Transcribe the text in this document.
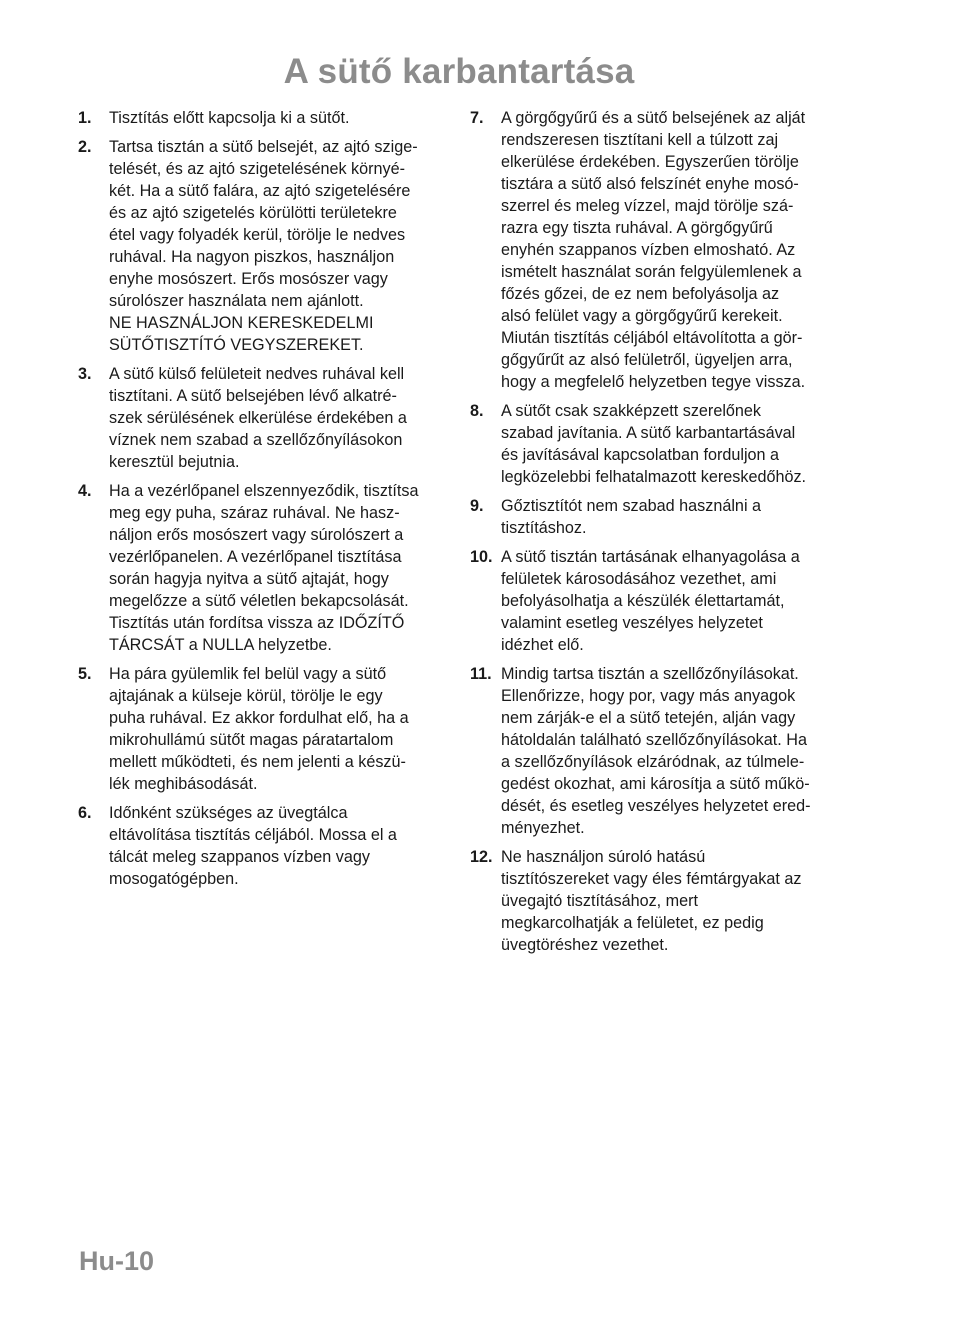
A sütő karbantartása
1.	Tisztítás előtt kapcsolja ki a sütőt.
2.	Tartsa tisztán a sütő belsejét, az ajtó szige-
telését, és az ajtó szigetelésének környé-
két. Ha a sütő falára, az ajtó szigetelésére
és az ajtó szigetelés körülötti területekre
étel vagy folyadék kerül, törölje le nedves
ruhával. Ha nagyon piszkos, használjon
enyhe mosószert. Erős mosószer vagy
súrolószer használata nem ajánlott.
NE HASZNÁLJON KERESKEDELMI
SÜTŐTISZTÍTÓ VEGYSZEREKET.
3.	A sütő külső felületeit nedves ruhával kell
tisztítani. A sütő belsejében lévő alkatré-
szek sérülésének elkerülése érdekében a
víznek nem szabad a szellőzőnyílásokon
keresztül bejutnia.
4.	Ha a vezérlőpanel elszennyeződik, tisztítsa
meg egy puha, száraz ruhával. Ne hasz-
náljon erős mosószert vagy súrolószert a
vezérlőpanelen. A vezérlőpanel tisztítása
során hagyja nyitva a sütő ajtaját, hogy
megelőzze a sütő véletlen bekapcsolását.
Tisztítás után fordítsa vissza az IDŐZÍTŐ
TÁRCSÁT a NULLA helyzetbe.
5.	Ha pára gyülemlik fel belül vagy a sütő
ajtajának a külseje körül, törölje le egy
puha ruhával. Ez akkor fordulhat elő, ha a
mikrohullámú sütőt magas páratartalom
mellett működteti, és nem jelenti a készü-
lék meghibásodását.
6.	Időnként szükséges az üvegtálca
eltávolítása tisztítás céljából. Mossa el a
tálcát meleg szappanos vízben vagy
mosogatógépben.
7.	A görgőgyűrű és a sütő belsejének az alját
rendszeresen tisztítani kell a túlzott zaj
elkerülése érdekében. Egyszerűen törölje
tisztára a sütő alsó felszínét enyhe mosó-
szerrel és meleg vízzel, majd törölje szá-
razra egy tiszta ruhával. A görgőgyűrű
enyhén szappanos vízben elmosható. Az
ismételt használat során felgyülemlenek a
főzés gőzei, de ez nem befolyásolja az
alsó felület vagy a görgőgyűrű kerekeit.
Miután tisztítás céljából eltávolította a gör-
gőgyűrűt az alsó felületről, ügyeljen arra,
hogy a megfelelő helyzetben tegye vissza.
8.	A sütőt csak szakképzett szerelőnek
szabad javítania. A sütő karbantartásával
és javításával kapcsolatban forduljon a
legközelebbi felhatalmazott kereskedőhöz.
9.	Gőztisztítót nem szabad használni a
tisztításhoz.
10. A sütő tisztán tartásának elhanyagolása a
felületek károsodásához vezethet, ami
befolyásolhatja a készülék élettartamát,
valamint esetleg veszélyes helyzetet
idézhet elő.
11. Mindig tartsa tisztán a szellőzőnyílásokat.
Ellenőrizze, hogy por, vagy más anyagok
nem zárják-e el a sütő tetején, alján vagy
hátoldalán található szellőzőnyílásokat. Ha
a szellőzőnyílások elzáródnak, az túlmele-
gedést okozhat, ami károsítja a sütő műkö-
dését, és esetleg veszélyes helyzetet ered-
ményezhet.
12. Ne használjon súroló hatású
tisztítószereket vagy éles fémtárgyakat az
üvegajtó tisztításához, mert
megkarcolhatják a felületet, ez pedig
üvegtöréshez vezethet.

Hu-10
